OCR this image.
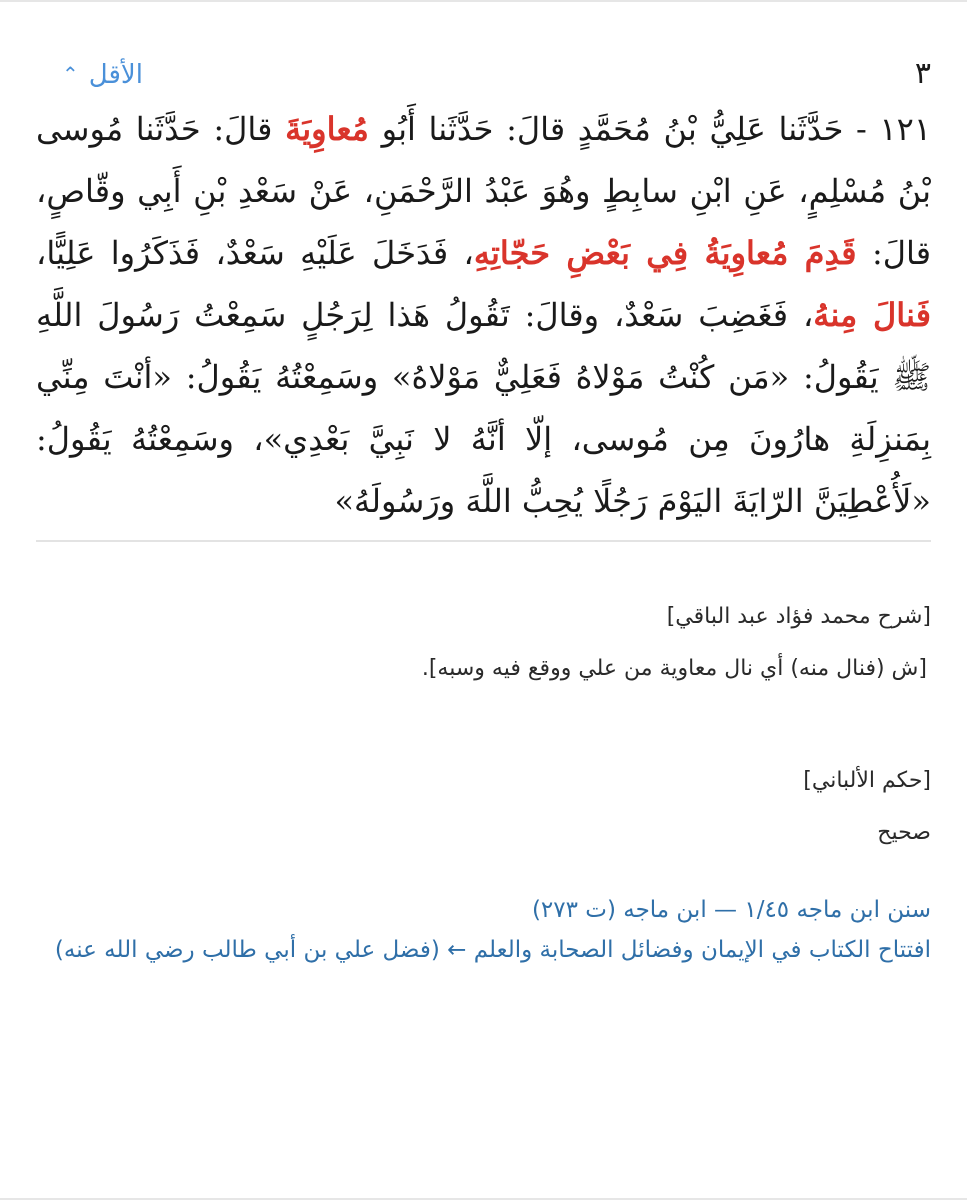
٣
الأقل⌃
١٢١ - حَدَّثَنا عَلِيُّ بْنُ مُحَمَّدٍ قالَ: حَدَّثَنا أَبُو مُعاوِيَةَ قالَ: حَدَّثَنا مُوسى بْنُ مُسْلِمٍ، عَنِ ابْنِ سابِطٍ وهُوَ عَبْدُ الرَّحْمَنِ، عَنْ سَعْدِ بْنِ أَبِي وقّاصٍ، قالَ: قَدِمَ مُعاوِيَةُ فِي بَعْضِ حَجّاتِهِ، فَدَخَلَ عَلَيْهِ سَعْدٌ، فَذَكَرُوا عَلِيًّا، فَنالَ مِنهُ، فَغَضِبَ سَعْدٌ، وقالَ: تَقُولُ هَذا لِرَجُلٍ سَمِعْتُ رَسُولَ اللَّهِ ﷺ يَقُولُ: «مَن كُنْتُ مَوْلاهُ فَعَلِيٌّ مَوْلاهُ» وسَمِعْتُهُ يَقُولُ: «أنْتَ مِنِّي بِمَنزِلَةِ هارُونَ مِن مُوسى، إلّا أنَّهُ لا نَبِيَّ بَعْدِي»، وسَمِعْتُهُ يَقُولُ: «لَأُعْطِيَنَّ الرّايَةَ اليَوْمَ رَجُلًا يُحِبُّ اللَّهَ ورَسُولَهُ»
[شرح محمد فؤاد عبد الباقي]
[ش (فنال منه) أي نال معاوية من علي ووقع فيه وسبه].
[حكم الألباني]
صحيح
سنن ابن ماجه ١/٤٥ — ابن ماجه (ت ٢٧٣)
افتتاح الكتاب في الإيمان وفضائل الصحابة والعلم ← (فضل علي بن أبي طالب رضي الله عنه)
